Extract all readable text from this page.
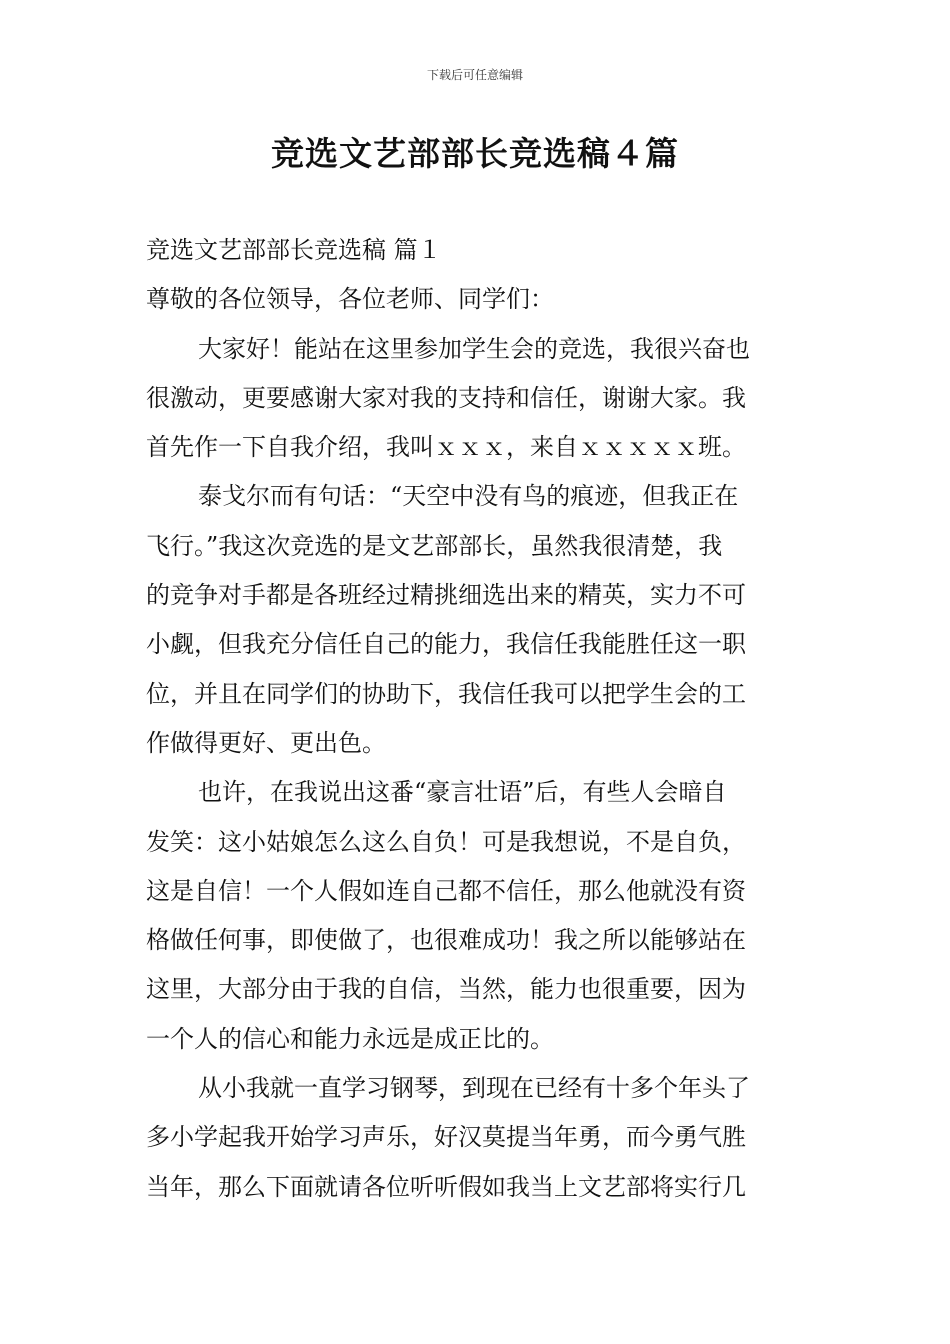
下载后可任意编辑
竞选文艺部部长竞选稿４篇
竞选文艺部部长竞选稿 篇１
尊敬的各位领导，各位老师、同学们：
大家好！能站在这里参加学生会的竞选，我很兴奋也
很激动，更要感谢大家对我的支持和信任，谢谢大家。我
首先作一下自我介绍，我叫ｘｘｘ，来自ｘｘｘｘｘ班。
泰戈尔而有句话：“天空中没有鸟的痕迹，但我正在
飞行。”我这次竞选的是文艺部部长，虽然我很清楚，我
的竞争对手都是各班经过精挑细选出来的精英，实力不可
小觑，但我充分信任自己的能力，我信任我能胜任这一职
位，并且在同学们的协助下，我信任我可以把学生会的工
作做得更好、更出色。
也许，在我说出这番“豪言壮语”后，有些人会暗自
发笑：这小姑娘怎么这么自负！可是我想说，不是自负，
这是自信！一个人假如连自己都不信任，那么他就没有资
格做任何事，即使做了，也很难成功！我之所以能够站在
这里，大部分由于我的自信，当然，能力也很重要，因为
一个人的信心和能力永远是成正比的。
从小我就一直学习钢琴，到现在已经有十多个年头了
多小学起我开始学习声乐，好汉莫提当年勇，而今勇气胜
当年，那么下面就请各位听听假如我当上文艺部将实行几
